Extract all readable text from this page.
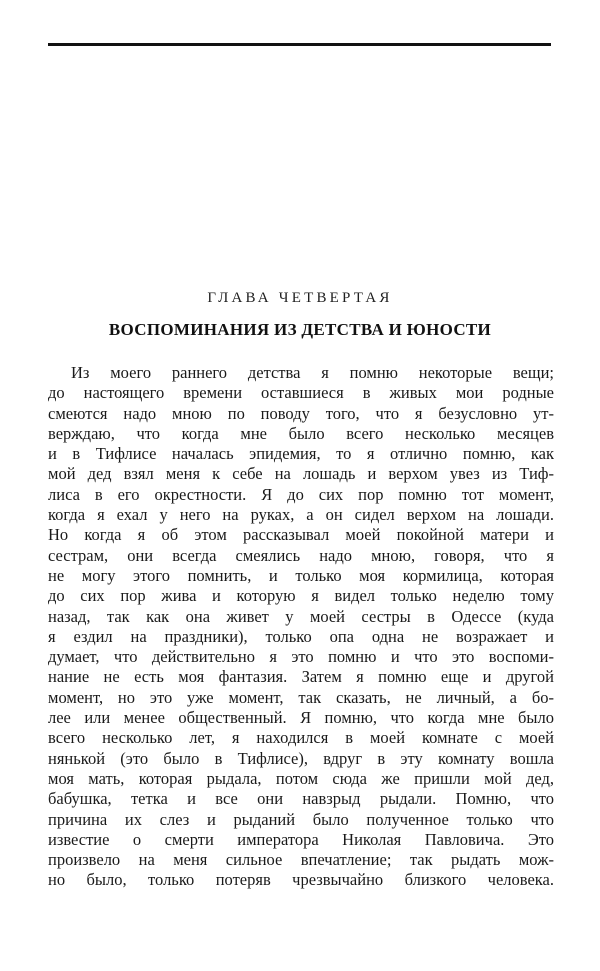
ГЛАВА ЧЕТВЕРТАЯ
ВОСПОМИНАНИЯ ИЗ ДЕТСТВА И ЮНОСТИ
Из моего раннего детства я помню некоторые вещи;
до настоящего времени оставшиеся в живых мои родные
смеются надо мною по поводу того, что я безусловно ут-
верждаю, что когда мне было всего несколько месяцев
и в Тифлисе началась эпидемия, то я отлично помню, как
мой дед взял меня к себе на лошадь и верхом увез из Тиф-
лиса в его окрестности. Я до сих пор помню тот момент,
когда я ехал у него на руках, а он сидел верхом на лошади.
Но когда я об этом рассказывал моей покойной матери и
сестрам, они всегда смеялись надо мною, говоря, что я
не могу этого помнить, и только моя кормилица, которая
до сих пор жива и которую я видел только неделю тому
назад, так как она живет у моей сестры в Одессе (куда
я ездил на праздники), только опа одна не возражает и
думает, что действительно я это помню и что это воспоми-
нание не есть моя фантазия. Затем я помню еще и другой
момент, но это уже момент, так сказать, не личный, а бо-
лее или менее общественный. Я помню, что когда мне было
всего несколько лет, я находился в моей комнате с моей
нянькой (это было в Тифлисе), вдруг в эту комнату вошла
моя мать, которая рыдала, потом сюда же пришли мой дед,
бабушка, тетка и все они навзрыд рыдали. Помню, что
причина их слез и рыданий было полученное только что
известие о смерти императора Николая Павловича. Это
произвело на меня сильное впечатление; так рыдать мож-
но было, только потеряв чрезвычайно близкого человека.
